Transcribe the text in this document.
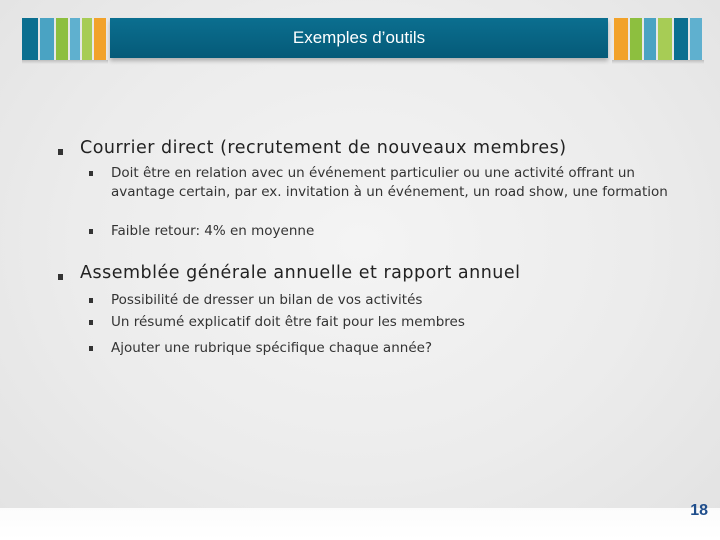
Exemples d’outils
Courrier direct (recrutement de nouveaux membres)
Doit être en relation avec un événement particulier ou une activité offrant un avantage certain, par ex. invitation à un événement, un road show, une formation
Faible retour: 4% en moyenne
Assemblée générale annuelle et rapport annuel
Possibilité de dresser un bilan de vos activités
Un résumé explicatif doit être fait pour les membres
Ajouter une rubrique spécifique chaque année?
18
